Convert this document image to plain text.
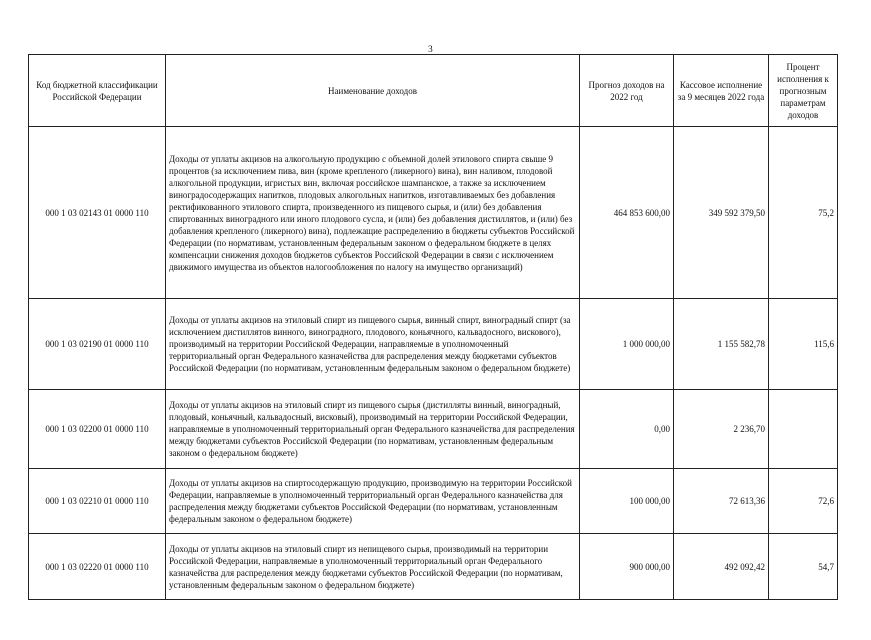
3
Код бюджетной классификации Российской Федерации	Наименование доходов	Прогноз доходов на 2022 год	Кассовое исполнение за 9 месяцев 2022 года	Процент исполнения к прогнозным параметрам доходов
000 1 03 02143 01 0000 110	Доходы от уплаты акцизов на алкогольную продукцию с объемной долей этилового спирта свыше 9 процентов (за исключением пива, вин (кроме крепленого (ликерного) вина), вин наливом, плодовой алкогольной продукции, игристых вин, включая российское шампанское, а также за исключением виноградосодержащих напитков, плодовых алкогольных напитков, изготавливаемых без добавления ректификованного этилового спирта, произведенного из пищевого сырья, и (или) без добавления спиртованных виноградного или иного плодового сусла, и (или) без добавления дистиллятов, и (или) без добавления крепленого (ликерного) вина), подлежащие распределению в бюджеты субъектов Российской Федерации (по нормативам, установленным федеральным законом о федеральном бюджете в целях компенсации снижения доходов бюджетов субъектов Российской Федерации в связи с исключением движимого имущества из объектов налогообложения по налогу на имущество организаций)	464 853 600,00	349 592 379,50	75,2
000 1 03 02190 01 0000 110	Доходы от уплаты акцизов на этиловый спирт из пищевого сырья, винный спирт, виноградный спирт (за исключением дистиллятов винного, виноградного, плодового, коньячного, кальвадосного, вискового), производимый на территории Российской Федерации, направляемые в уполномоченный территориальный орган Федерального казначейства для распределения между бюджетами субъектов Российской Федерации (по нормативам, установленным федеральным законом о федеральном бюджете)	1 000 000,00	1 155 582,78	115,6
000 1 03 02200 01 0000 110	Доходы от уплаты акцизов на этиловый спирт из пищевого сырья (дистилляты винный, виноградный, плодовый, коньячный, кальвадосный, висковый), производимый на территории Российской Федерации, направляемые в уполномоченный территориальный орган Федерального казначейства для распределения между бюджетами субъектов Российской Федерации (по нормативам, установленным федеральным законом о федеральном бюджете)	0,00	2 236,70	
000 1 03 02210 01 0000 110	Доходы от уплаты акцизов на спиртосодержащую продукцию, производимую на территории Российской Федерации, направляемые в уполномоченный территориальный орган Федерального казначейства для распределения между бюджетами субъектов Российской Федерации (по нормативам, установленным федеральным законом о федеральном бюджете)	100 000,00	72 613,36	72,6
000 1 03 02220 01 0000 110	Доходы от уплаты акцизов на этиловый спирт из непищевого сырья, производимый на территории Российской Федерации, направляемые в уполномоченный территориальный орган Федерального казначейства для распределения между бюджетами субъектов Российской Федерации (по нормативам, установленным федеральным законом о федеральном бюджете)	900 000,00	492 092,42	54,7
